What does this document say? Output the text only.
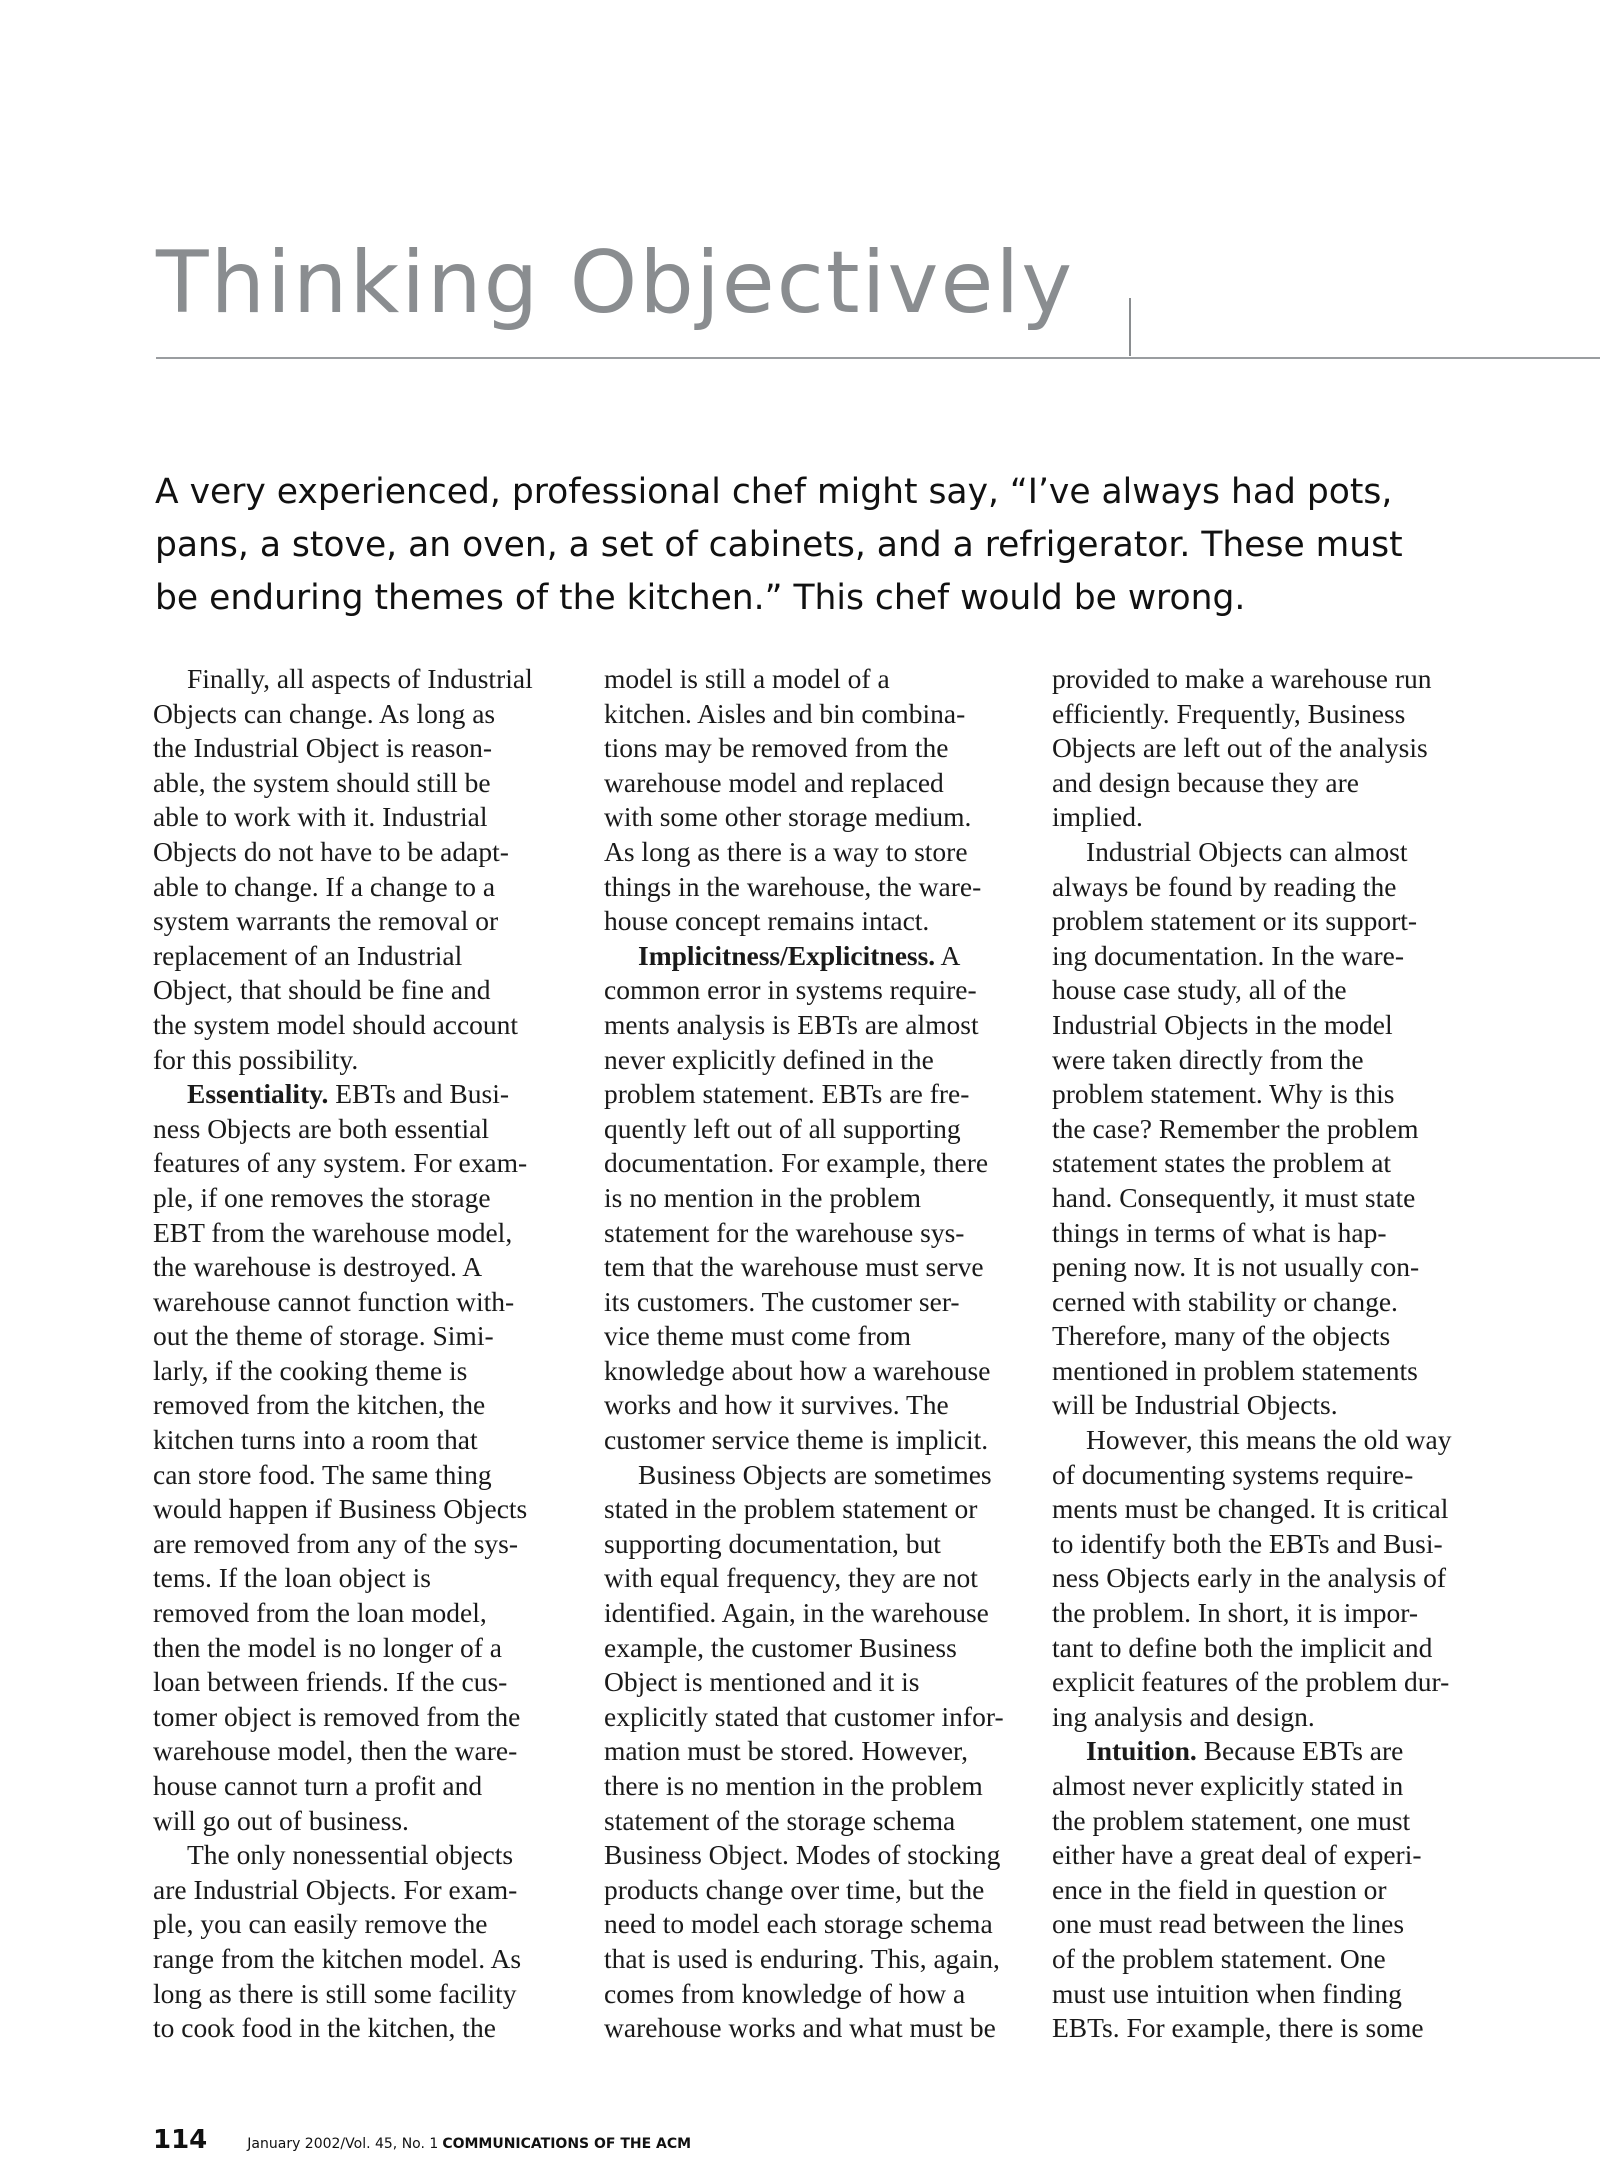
Thinking Objectively

A very experienced, professional chef might say, “I’ve always had pots, pans, a stove, an oven, a set of cabinets, and a refrigerator. These must be enduring themes of the kitchen.” This chef would be wrong.

Finally, all aspects of Industrial

Objects can change. As long as

the Industrial Object is reason-

able, the system should still be

able to work with it. Industrial

Objects do not have to be adapt-

able to change. If a change to a

system warrants the removal or

replacement of an Industrial

Object, that should be fine and

the system model should account

for this possibility.

Essentiality. EBTs and Busi-

ness Objects are both essential

features of any system. For exam-

ple, if one removes the storage

EBT from the warehouse model,

the warehouse is destroyed. A

warehouse cannot function with-

out the theme of storage. Simi-

larly, if the cooking theme is

removed from the kitchen, the

kitchen turns into a room that

can store food. The same thing

would happen if Business Objects

are removed from any of the sys-

tems. If the loan object is

removed from the loan model,

then the model is no longer of a

loan between friends. If the cus-

tomer object is removed from the

warehouse model, then the ware-

house cannot turn a profit and

will go out of business.

The only nonessential objects

are Industrial Objects. For exam-

ple, you can easily remove the

range from the kitchen model. As

long as there is still some facility

to cook food in the kitchen, the

model is still a model of a

kitchen. Aisles and bin combina-

tions may be removed from the

warehouse model and replaced

with some other storage medium.

As long as there is a way to store

things in the warehouse, the ware-

house concept remains intact.

Implicitness/Explicitness. A

common error in systems require-

ments analysis is EBTs are almost

never explicitly defined in the

problem statement. EBTs are fre-

quently left out of all supporting

documentation. For example, there

is no mention in the problem

statement for the warehouse sys-

tem that the warehouse must serve

its customers. The customer ser-

vice theme must come from

knowledge about how a warehouse

works and how it survives. The

customer service theme is implicit.

Business Objects are sometimes

stated in the problem statement or

supporting documentation, but

with equal frequency, they are not

identified. Again, in the warehouse

example, the customer Business

Object is mentioned and it is

explicitly stated that customer infor-

mation must be stored. However,

there is no mention in the problem

statement of the storage schema

Business Object. Modes of stocking

products change over time, but the

need to model each storage schema

that is used is enduring. This, again,

comes from knowledge of how a

warehouse works and what must be

provided to make a warehouse run

efficiently. Frequently, Business

Objects are left out of the analysis

and design because they are

implied.

Industrial Objects can almost

always be found by reading the

problem statement or its support-

ing documentation. In the ware-

house case study, all of the

Industrial Objects in the model

were taken directly from the

problem statement. Why is this

the case? Remember the problem

statement states the problem at

hand. Consequently, it must state

things in terms of what is hap-

pening now. It is not usually con-

cerned with stability or change.

Therefore, many of the objects

mentioned in problem statements

will be Industrial Objects.

However, this means the old way

of documenting systems require-

ments must be changed. It is critical

to identify both the EBTs and Busi-

ness Objects early in the analysis of

the problem. In short, it is impor-

tant to define both the implicit and

explicit features of the problem dur-

ing analysis and design.

Intuition. Because EBTs are

almost never explicitly stated in

the problem statement, one must

either have a great deal of experi-

ence in the field in question or

one must read between the lines

of the problem statement. One

must use intuition when finding

EBTs. For example, there is some

114	January 2002/Vol. 45, No. 1 COMMUNICATIONS OF THE ACM
